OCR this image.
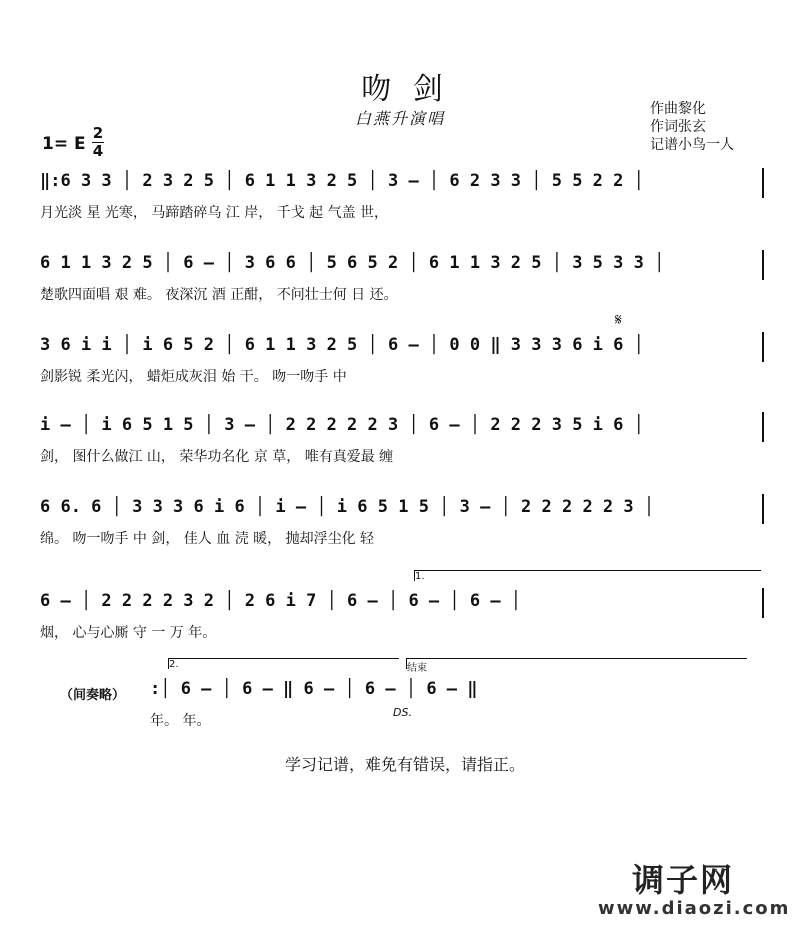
吻 剑
白燕升演唱	作曲黎化
作词张玄
记谱小鸟一人
1= E $\frac{2}{4}$
‖:6 3 3 │ 2 3 2 5 │ 6 1 1 3 2 5 │ 3 – │ 6 2 3 3 │ 5 5 2 2 │
月光淡 星 光寒， 马蹄踏碎乌 江 岸， 千戈 起 气盖 世，
6 1 1 3 2 5 │ 6 – │ 3 6 6 │ 5 6 5 2 │ 6 1 1 3 2 5 │ 3 5 3 3 │
楚歌四面唱 艰 难。 夜深沉 酒 正酣， 不问壮士何 日 还。
3 6 i i │ i 6 5 2 │ 6 1 1 3 2 5 │ 6 – │ 0 0 ‖ 3 3 3 6 i 6 │
剑影锐 柔光闪， 蜡炬成灰泪 始 干。 吻一吻手 中
𝄋
i – │ i 6 5 1 5 │ 3 – │ 2 2 2 2 2 3 │ 6 – │ 2 2 2 3 5 i 6 │
剑， 图什么做江 山， 荣华功名化 京 草， 唯有真爱最 缠
6 6. 6 │ 3 3 3 6 i 6 │ i – │ i 6 5 1 5 │ 3 – │ 2 2 2 2 2 3 │
绵。 吻一吻手 中 剑， 佳人 血 涜 暖， 抛却浮尘化 轻
1.
6 – │ 2 2 2 2 3 2 │ 2 6 i 7 │ 6 – │ 6 – │ 6 – │
烟， 心与心厮 守 一 万 年。
（间奏略）
2.	结束
:│ 6 – │ 6 – ‖ 6 – │ 6 – │ 6 – ‖
年。 年。
DS.
学习记谱，难免有错误，请指正。
调子网
www.diaozi.com
